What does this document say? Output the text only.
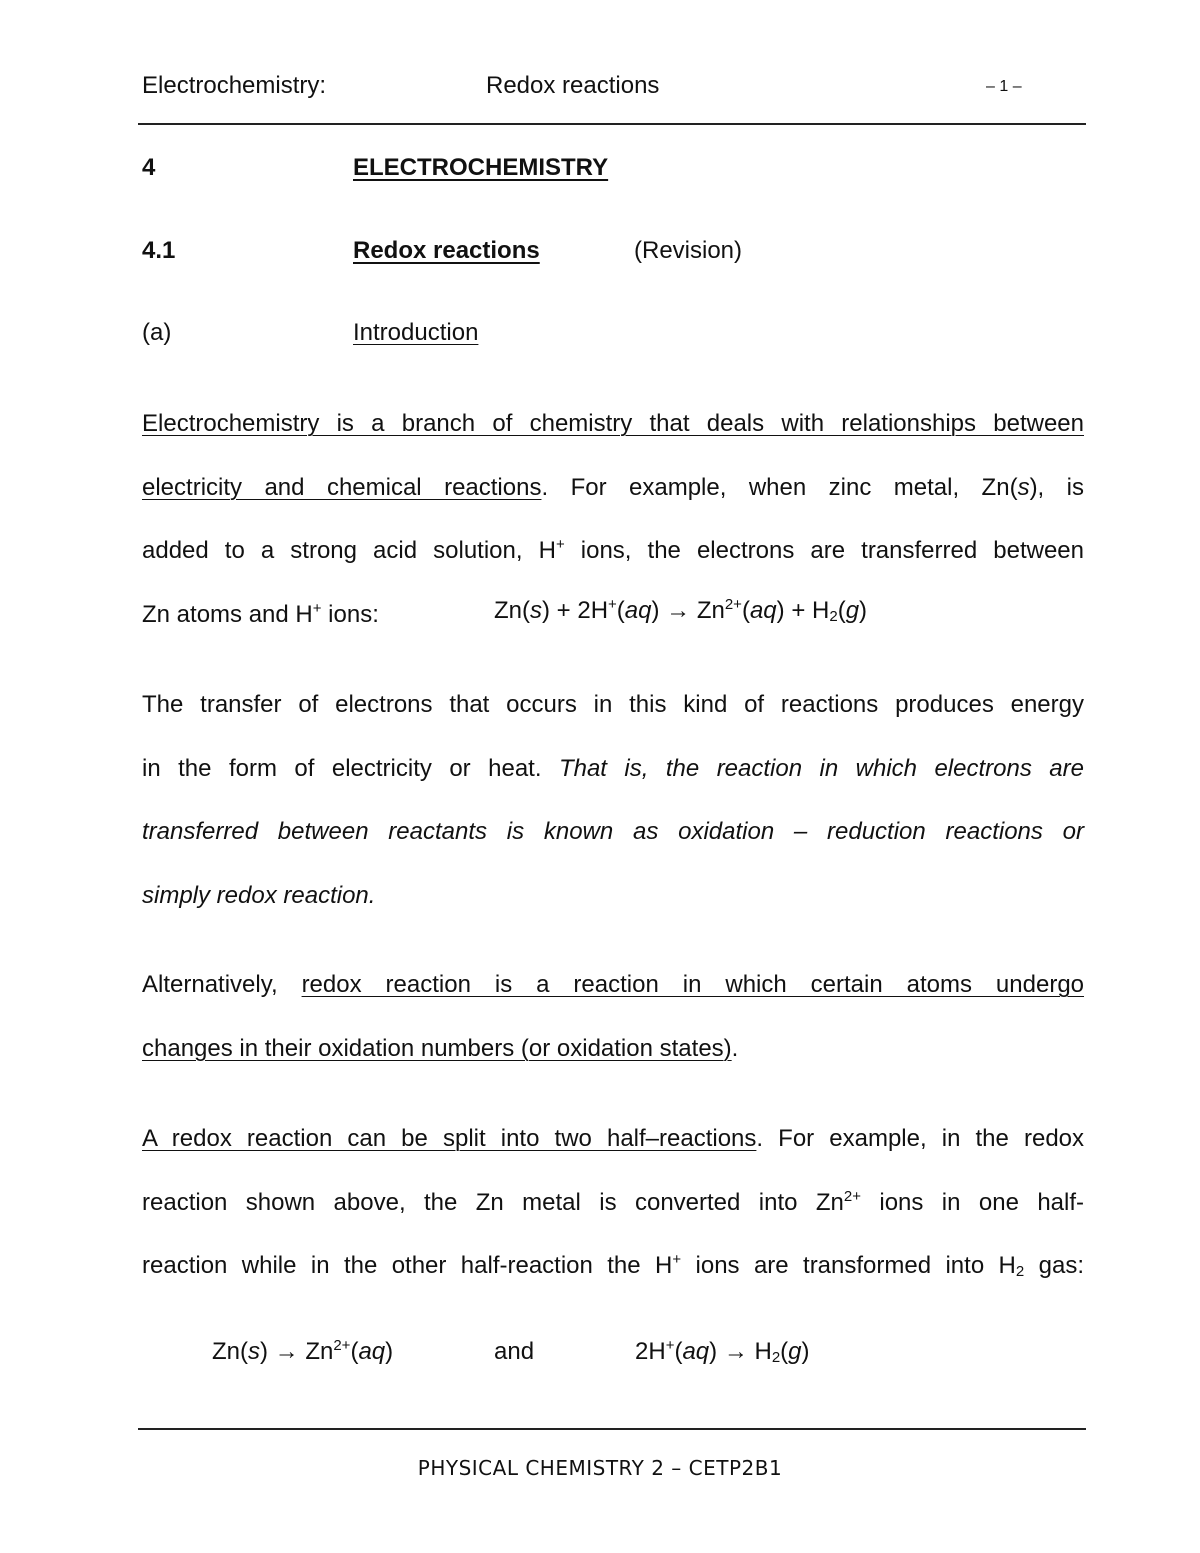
Electrochemistry:	Redox reactions	– 1 –
4	ELECTROCHEMISTRY
4.1	Redox reactions	(Revision)
(a)	Introduction
Electrochemistry is a branch of chemistry that deals with relationships between
electricity and chemical reactions. For example, when zinc metal, Zn(s), is
added to a strong acid solution, H+ ions, the electrons are transferred between
Zn atoms and H+ ions:	$Zn(s) + 2H^+(aq) \to Zn^{2+}(aq) + H_2(g)$
The transfer of electrons that occurs in this kind of reactions produces energy
in the form of electricity or heat. That is, the reaction in which electrons are
transferred between reactants is known as oxidation – reduction reactions or
simply redox reaction.
Alternatively, redox reaction is a reaction in which certain atoms undergo
changes in their oxidation numbers (or oxidation states).
A redox reaction can be split into two half–reactions. For example, in the redox
reaction shown above, the Zn metal is converted into $Zn^{2+}$ ions in one half-
reaction while in the other half-reaction the H+ ions are transformed into $H_2$ gas:
$Zn(s) \to Zn^{2+}(aq)$	and	$2H^+(aq) \to H_2(g)$
PHYSICAL CHEMISTRY 2 – CETP2B1
